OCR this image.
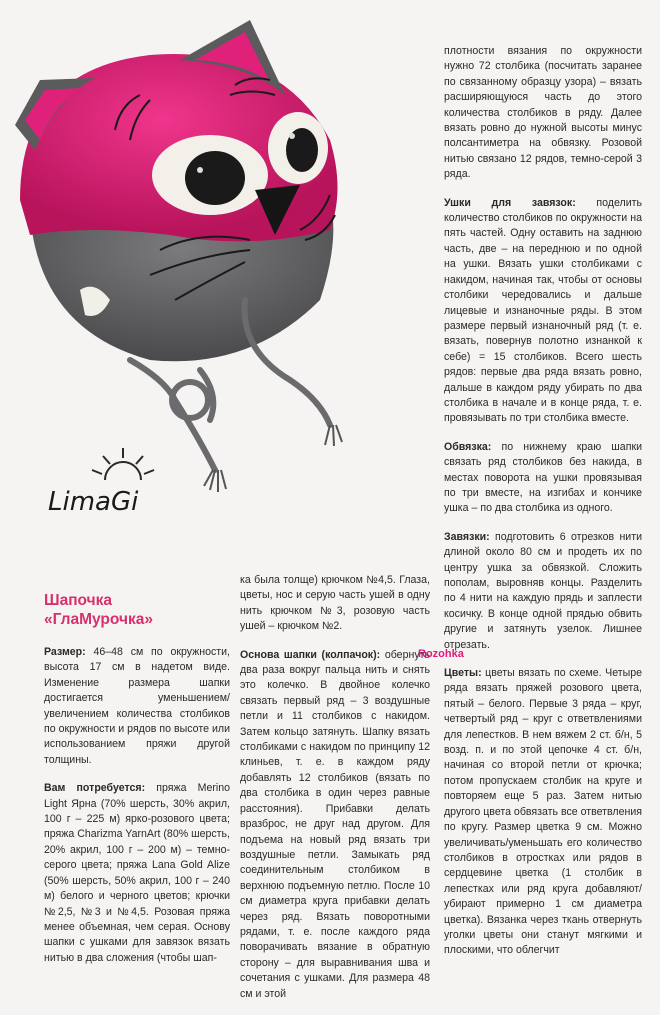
LimaGi
Шапочка
«ГлаМурочка»

Размер: 46–48 см по окружности, высота 17 см в надетом виде. Изменение размера шапки достигается уменьшением/увеличением количества столбиков по окружности и рядов по высоте или использованием пряжи другой толщины.

Вам потребуется: пряжа Merino Light Ярна (70% шерсть, 30% акрил, 100 г – 225 м) ярко-розового цвета; пряжа Charizma YarnArt (80% шерсть, 20% акрил, 100 г – 200 м) – темно-серого цвета; пряжа Lana Gold Alize (50% шерсть, 50% акрил, 100 г – 240 м) белого и черного цветов; крючки №2,5, №3 и №4,5. Розовая пряжа менее объемная, чем серая. Основу шапки с ушками для завязок вязать нитью в два сложения (чтобы шап-

ка была толще) крючком №4,5. Глаза, цветы, нос и серую часть ушей в одну нить крючком №3, розовую часть ушей – крючком №2.

Основа шапки (колпачок): обернуть два раза вокруг пальца нить и снять это колечко. В двойное колечко связать первый ряд – 3 воздушные петли и 11 столбиков с накидом. Затем кольцо затянуть. Шапку вязать столбиками с накидом по принципу 12 клиньев, т. е. в каждом ряду добавлять 12 столбиков (вязать по два столбика в один через равные расстояния). Прибавки делать вразброс, не друг над другом. Для подъема на новый ряд вязать три воздушные петли. Замыкать ряд соединительным столбиком в верхнюю подъемную петлю. После 10 см диаметра круга прибавки делать через ряд. Вязать поворотными рядами, т. е. после каждого ряда поворачивать вязание в обратную сторону – для выравнивания шва и сочетания с ушками. Для размера 48 см и этой

плотности вязания по окружности нужно 72 столбика (посчитать заранее по связанному образцу узора) – вязать расширяющуюся часть до этого количества столбиков в ряду. Далее вязать ровно до нужной высоты минус полсантиметра на обвязку. Розовой нитью связано 12 рядов, темно-серой 3 ряда.

Ушки для завязок: поделить количество столбиков по окружности на пять частей. Одну оставить на заднюю часть, две – на переднюю и по одной на ушки. Вязать ушки столбиками с накидом, начиная так, чтобы от основы столбики чередовались и дальше лицевые и изнаночные ряды. В этом размере первый изнаночный ряд (т. е. вязать, повернув полотно изнанкой к себе) = 15 столбиков. Всего шесть рядов: первые два ряда вязать ровно, дальше в каждом ряду убирать по два столбика в начале и в конце ряда, т. е. провязывать по три столбика вместе.

Обвязка: по нижнему краю шапки связать ряд столбиков без накида, в местах поворота на ушки провязывая по три вместе, на изгибах и кончике ушка – по два столбика из одного.

Завязки: подготовить 6 отрезков нити длиной около 80 см и продеть их по центру ушка за обвязкой. Сложить пополам, выровняв концы. Разделить по 4 нити на каждую прядь и заплести косичку. В конце одной прядью обвить другие и затянуть узелок. Лишнее отрезать.

Цветы: цветы вязать по схеме. Четыре ряда вязать пряжей розового цвета, пятый – белого. Первые 3 ряда – круг, четвертый ряд – круг с ответвлениями для лепестков. В нем вяжем 2 ст. б/н, 5 возд. п. и по этой цепочке 4 ст. б/н, начиная со второй петли от крючка; потом пропускаем столбик на круге и повторяем еще 5 раз. Затем нитью другого цвета обвязать все ответвления по кругу. Размер цветка 9 см. Можно увеличивать/уменьшать его количество столбиков в отростках или рядов в сердцевине цветка (1 столбик в лепестках или ряд круга добавляют/убирают примерно 1 см диаметра цветка). Вязанка через ткань отвернуть уголки цветы они станут мягкими и плоскими, что облегчит

Rozohka
